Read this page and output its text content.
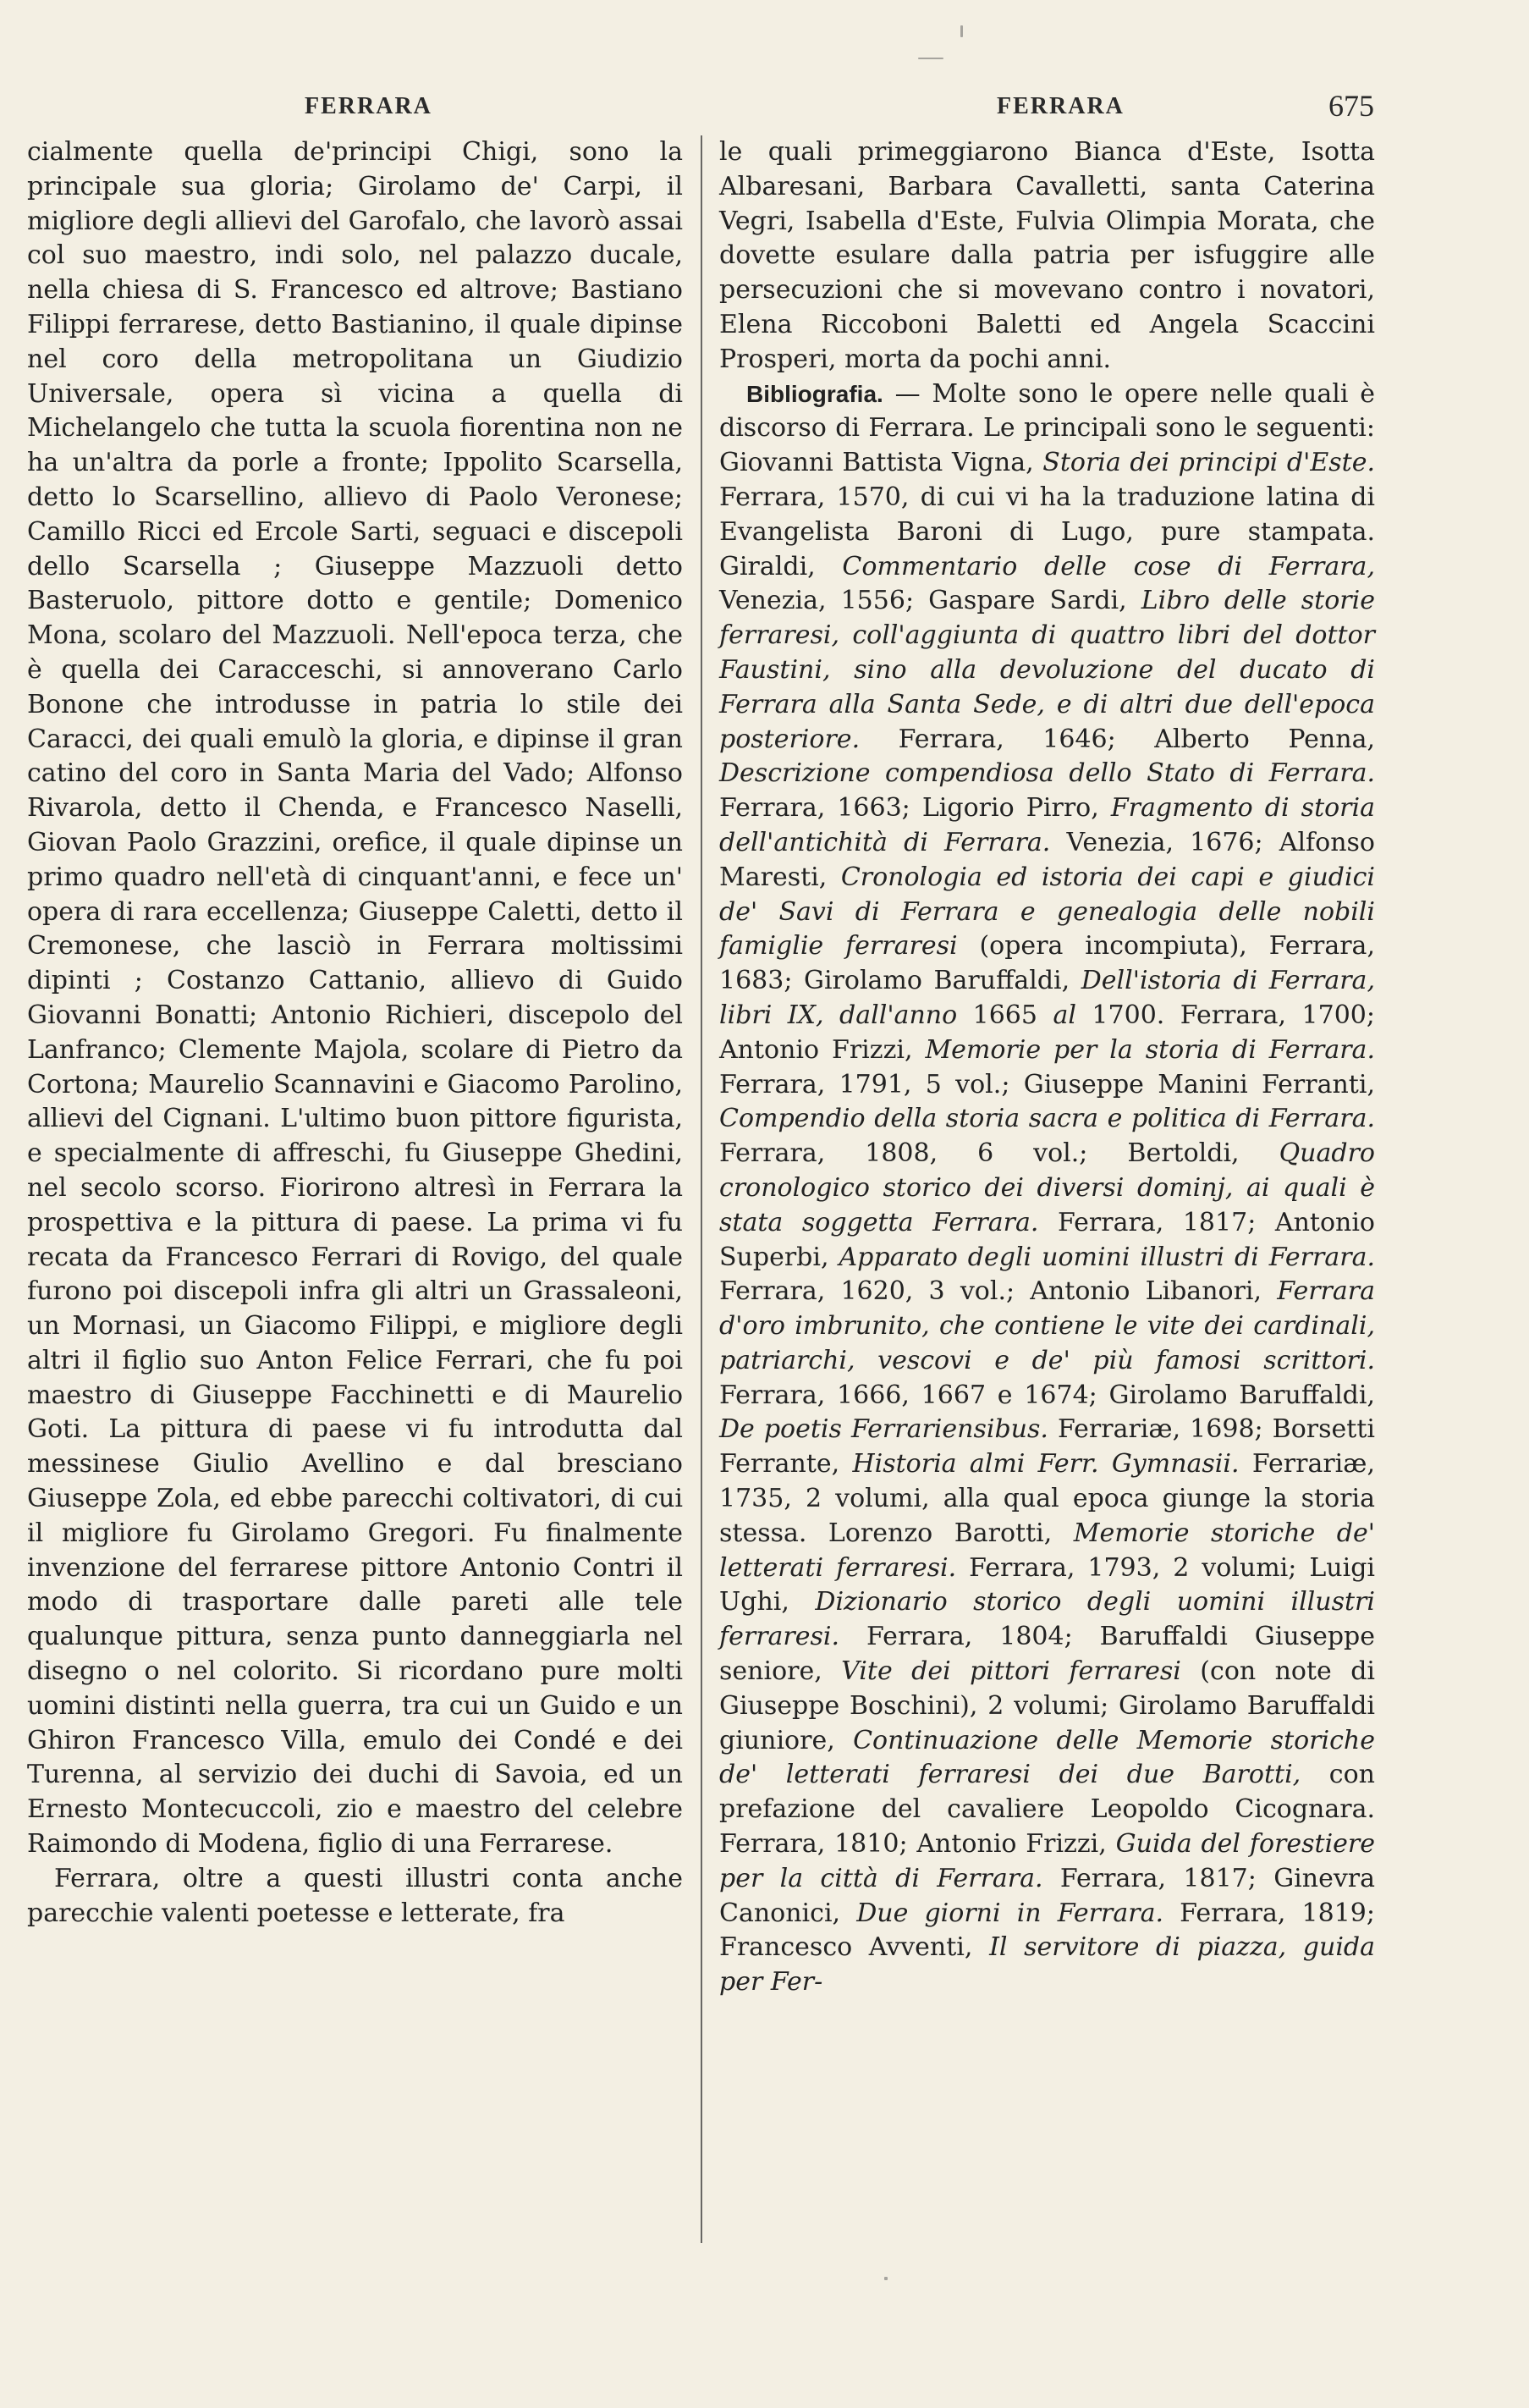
FERRARA	FERRARA	675

cialmente quella de'principi Chigi, sono la principale sua gloria; Girolamo de' Carpi, il migliore degli allievi del Garofalo, che lavorò assai col suo maestro, indi solo, nel palazzo ducale, nella chiesa di S. Francesco ed altrove; Bastiano Filippi ferrarese, detto Bastianino, il quale dipinse nel coro della metropolitana un Giudizio Universale, opera sì vicina a quella di Michelangelo che tutta la scuola fiorentina non ne ha un'altra da porle a fronte; Ippolito Scarsella, detto lo Scarsellino, allievo di Paolo Veronese; Camillo Ricci ed Ercole Sarti, seguaci e discepoli dello Scarsella ; Giuseppe Mazzuoli detto Basteruolo, pittore dotto e gentile; Domenico Mona, scolaro del Mazzuoli. Nell'epoca terza, che è quella dei Caracceschi, si annoverano Carlo Bonone che introdusse in patria lo stile dei Caracci, dei quali emulò la gloria, e dipinse il gran catino del coro in Santa Maria del Vado; Alfonso Rivarola, detto il Chenda, e Francesco Naselli, Giovan Paolo Grazzini, orefice, il quale dipinse un primo quadro nell'età di cinquant'anni, e fece un' opera di rara eccellenza; Giuseppe Caletti, detto il Cremonese, che lasciò in Ferrara moltissimi dipinti ; Costanzo Cattanio, allievo di Guido Giovanni Bonatti; Antonio Richieri, discepolo del Lanfranco; Clemente Majola, scolare di Pietro da Cortona; Maurelio Scannavini e Giacomo Parolino, allievi del Cignani. L'ultimo buon pittore figurista, e specialmente di affreschi, fu Giuseppe Ghedini, nel secolo scorso. Fiorirono altresì in Ferrara la prospettiva e la pittura di paese. La prima vi fu recata da Francesco Ferrari di Rovigo, del quale furono poi discepoli infra gli altri un Grassaleoni, un Mornasi, un Giacomo Filippi, e migliore degli altri il figlio suo Anton Felice Ferrari, che fu poi maestro di Giuseppe Facchinetti e di Maurelio Goti. La pittura di paese vi fu introdutta dal messinese Giulio Avellino e dal bresciano Giuseppe Zola, ed ebbe parecchi coltivatori, di cui il migliore fu Girolamo Gregori. Fu finalmente invenzione del ferrarese pittore Antonio Contri il modo di trasportare dalle pareti alle tele qualunque pittura, senza punto danneggiarla nel disegno o nel colorito. Si ricordano pure molti uomini distinti nella guerra, tra cui un Guido e un Ghiron Francesco Villa, emulo dei Condé e dei Turenna, al servizio dei duchi di Savoia, ed un Ernesto Montecuccoli, zio e maestro del celebre Raimondo di Modena, figlio di una Ferrarese.

Ferrara, oltre a questi illustri conta anche parecchie valenti poetesse e letterate, fra

le quali primeggiarono Bianca d'Este, Isotta Albaresani, Barbara Cavalletti, santa Caterina Vegri, Isabella d'Este, Fulvia Olimpia Morata, che dovette esulare dalla patria per isfuggire alle persecuzioni che si movevano contro i novatori, Elena Riccoboni Baletti ed Angela Scaccini Prosperi, morta da pochi anni.

Bibliografia. — Molte sono le opere nelle quali è discorso di Ferrara. Le principali sono le seguenti: Giovanni Battista Vigna, Storia dei principi d'Este. Ferrara, 1570, di cui vi ha la traduzione latina di Evangelista Baroni di Lugo, pure stampata. Giraldi, Commentario delle cose di Ferrara, Venezia, 1556; Gaspare Sardi, Libro delle storie ferraresi, coll'aggiunta di quattro libri del dottor Faustini, sino alla devoluzione del ducato di Ferrara alla Santa Sede, e di altri due dell'epoca posteriore. Ferrara, 1646; Alberto Penna, Descrizione compendiosa dello Stato di Ferrara. Ferrara, 1663; Ligorio Pirro, Fragmento di storia dell'antichità di Ferrara. Venezia, 1676; Alfonso Maresti, Cronologia ed istoria dei capi e giudici de' Savi di Ferrara e genealogia delle nobili famiglie ferraresi (opera incompiuta), Ferrara, 1683; Girolamo Baruffaldi, Dell'istoria di Ferrara, libri IX, dall'anno 1665 al 1700. Ferrara, 1700; Antonio Frizzi, Memorie per la storia di Ferrara. Ferrara, 1791, 5 vol.; Giuseppe Manini Ferranti, Compendio della storia sacra e politica di Ferrara. Ferrara, 1808, 6 vol.; Bertoldi, Quadro cronologico storico dei diversi dominj, ai quali è stata soggetta Ferrara. Ferrara, 1817; Antonio Superbi, Apparato degli uomini illustri di Ferrara. Ferrara, 1620, 3 vol.; Antonio Libanori, Ferrara d'oro imbrunito, che contiene le vite dei cardinali, patriarchi, vescovi e de' più famosi scrittori. Ferrara, 1666, 1667 e 1674; Girolamo Baruffaldi, De poetis Ferrariensibus. Ferrariæ, 1698; Borsetti Ferrante, Historia almi Ferr. Gymnasii. Ferrariæ, 1735, 2 volumi, alla qual epoca giunge la storia stessa. Lorenzo Barotti, Memorie storiche de' letterati ferraresi. Ferrara, 1793, 2 volumi; Luigi Ughi, Dizionario storico degli uomini illustri ferraresi. Ferrara, 1804; Baruffaldi Giuseppe seniore, Vite dei pittori ferraresi (con note di Giuseppe Boschini), 2 volumi; Girolamo Baruffaldi giuniore, Continuazione delle Memorie storiche de' letterati ferraresi dei due Barotti, con prefazione del cavaliere Leopoldo Cicognara. Ferrara, 1810; Antonio Frizzi, Guida del forestiere per la città di Ferrara. Ferrara, 1817; Ginevra Canonici, Due giorni in Ferrara. Ferrara, 1819; Francesco Avventi, Il servitore di piazza, guida per Fer-
